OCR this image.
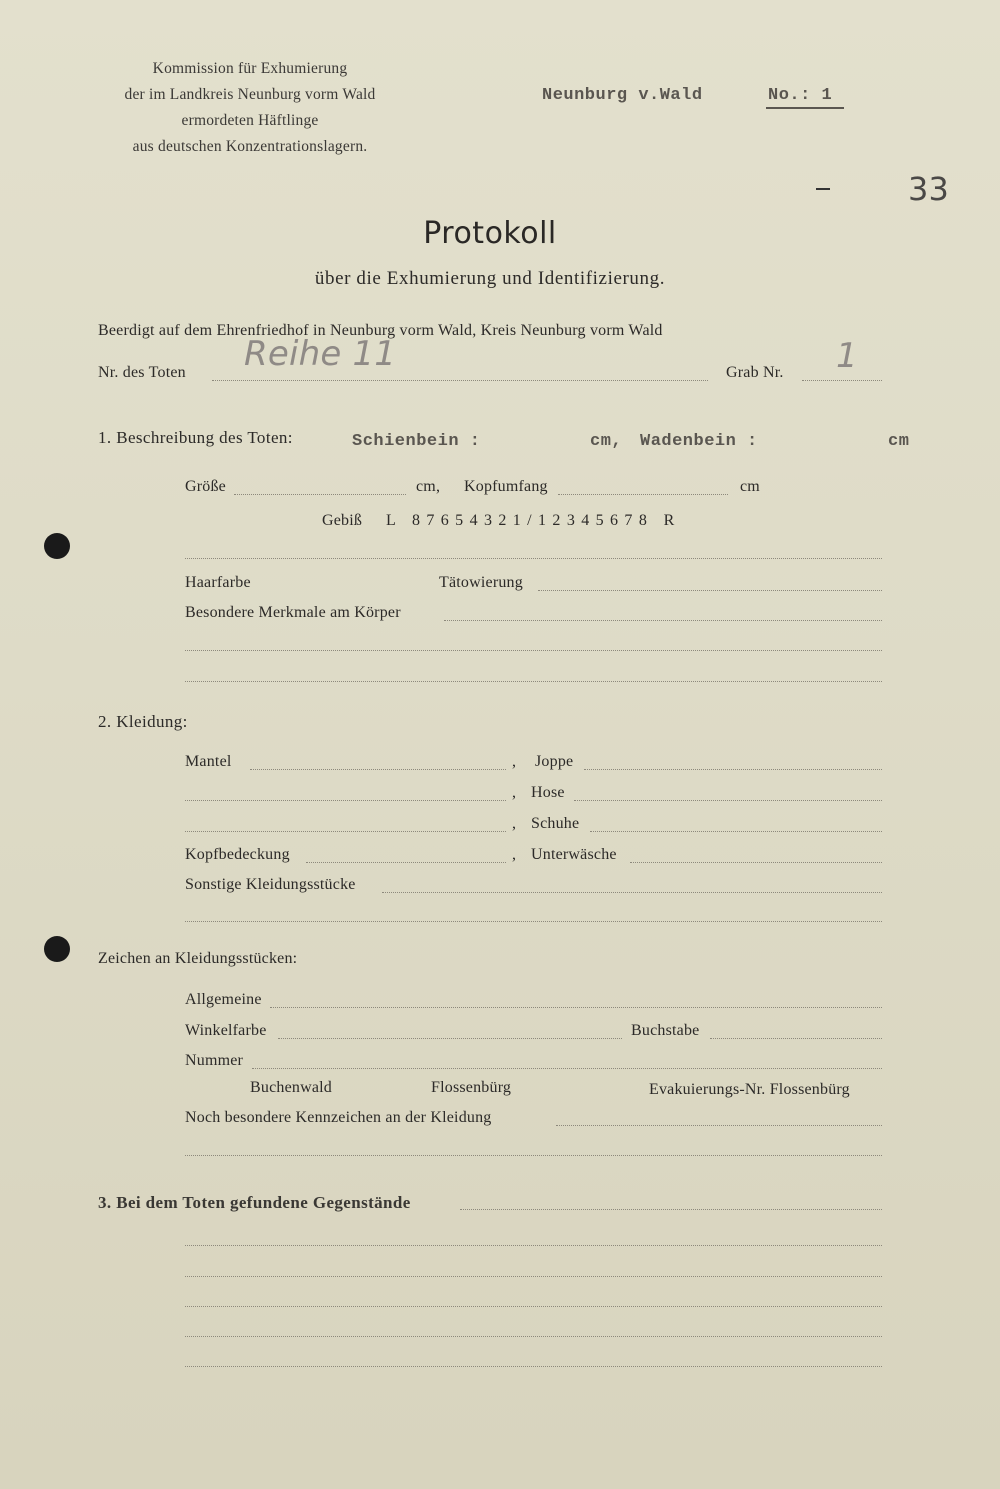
Kommission für Exhumierung
der im Landkreis Neunburg vorm Wald
ermordeten Häftlinge
aus deutschen Konzentrationslagern.
Neunburg v.Wald	No.: 1
33
Protokoll
über die Exhumierung und Identifizierung.
Beerdigt auf dem Ehrenfriedhof in Neunburg vorm Wald, Kreis Neunburg vorm Wald
Nr. des Toten Reihe 11	Grab Nr. 1
1. Beschreibung des Toten:	Schienbein :	cm, Wadenbein :	cm
Größe	cm, Kopfumfang	cm
Gebiß L   8 7 6 5 4 3 2 1 / 1 2 3 4 5 6 7 8   R
Haarfarbe	Tätowierung
Besondere Merkmale am Körper
2. Kleidung:
Mantel	, Joppe
, Hose
, Schuhe
Kopfbedeckung	, Unterwäsche
Sonstige Kleidungsstücke
Zeichen an Kleidungsstücken:
Allgemeine
Winkelfarbe	Buchstabe
Nummer
Buchenwald	Flossenbürg	Evakuierungs-Nr. Flossenbürg
Noch besondere Kennzeichen an der Kleidung
3. Bei dem Toten gefundene Gegenstände
